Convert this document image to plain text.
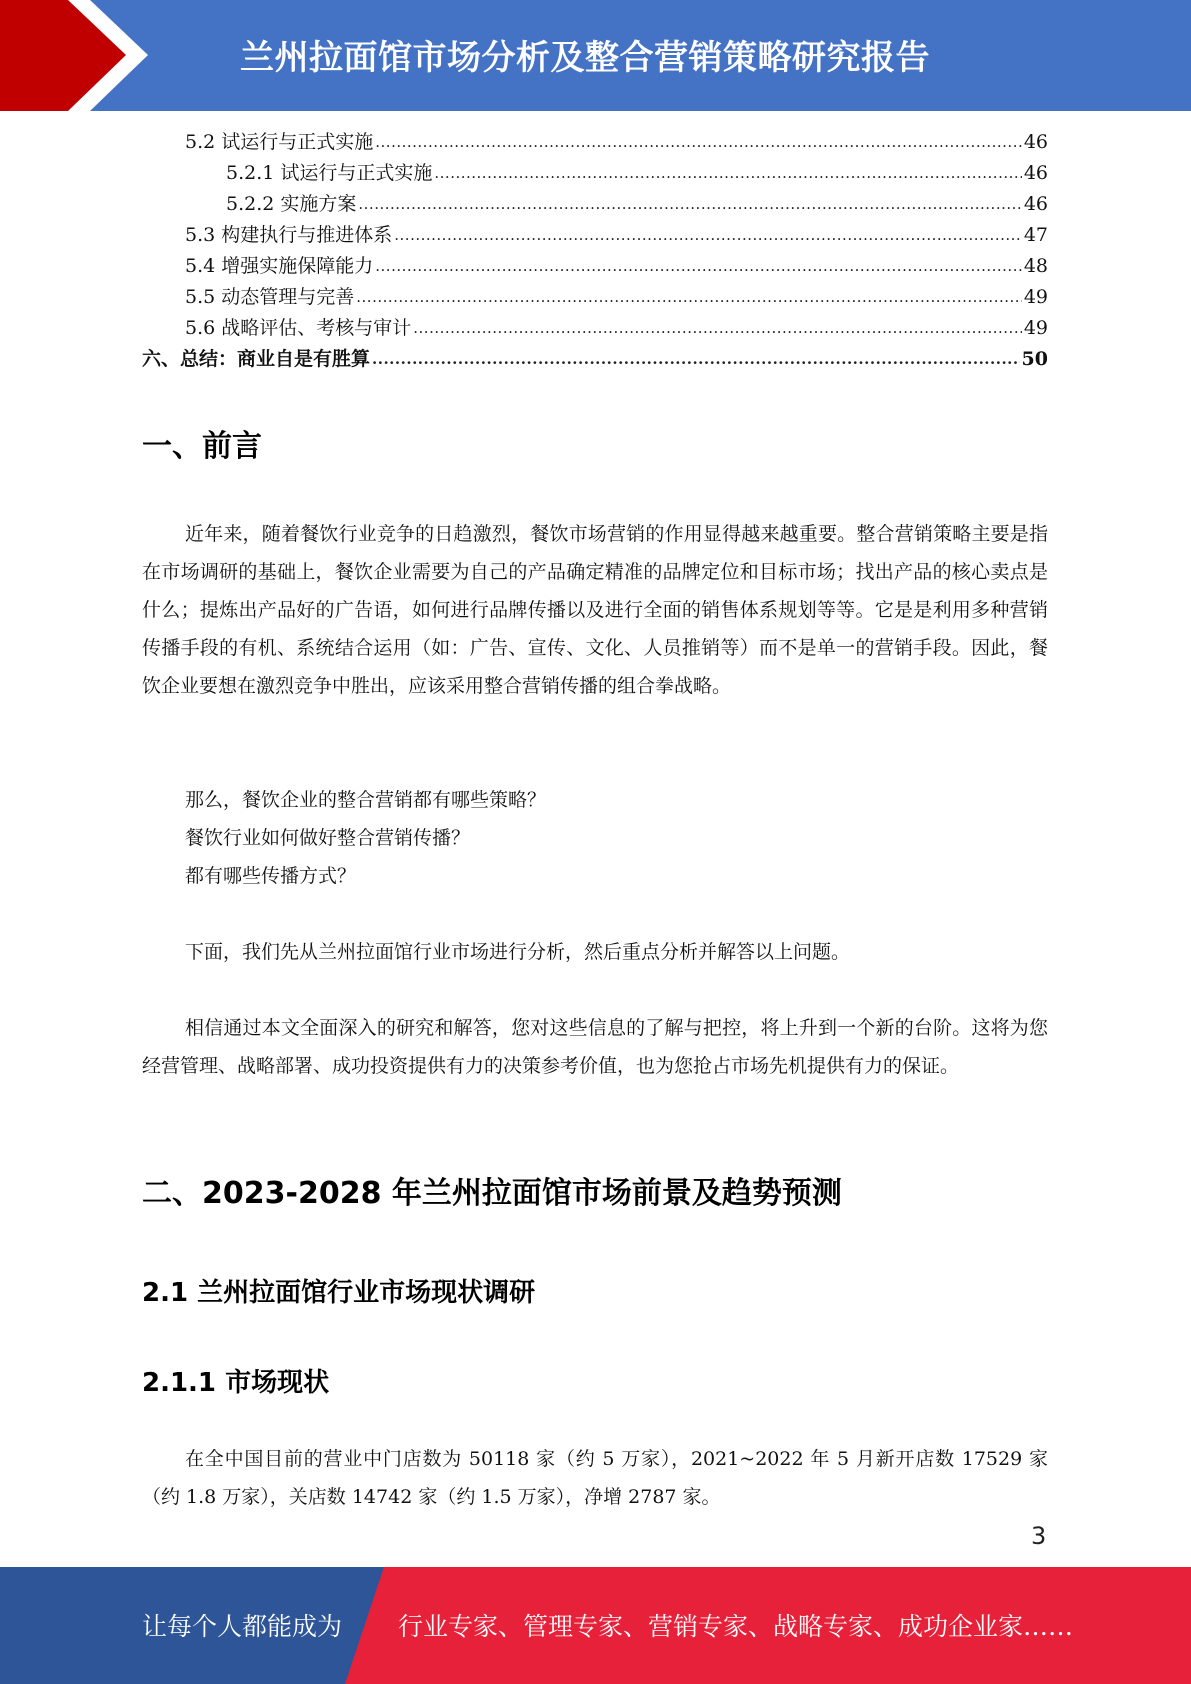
兰州拉面馆市场分析及整合营销策略研究报告
5.2 试运行与正式实施 .....	46
5.2.1 试运行与正式实施 .....	46
5.2.2 实施方案 .....	46
5.3 构建执行与推进体系 .....	47
5.4 增强实施保障能力 .....	48
5.5 动态管理与完善 .....	49
5.6 战略评估、考核与审计 .....	49
六、总结：商业自是有胜算 .....	50
一、前言
近年来，随着餐饮行业竞争的日趋激烈，餐饮市场营销的作用显得越来越重要。整合营销策略主要是指在市场调研的基础上，餐饮企业需要为自己的产品确定精准的品牌定位和目标市场；找出产品的核心卖点是什么；提炼出产品好的广告语，如何进行品牌传播以及进行全面的销售体系规划等等。它是是利用多种营销传播手段的有机、系统结合运用（如：广告、宣传、文化、人员推销等）而不是单一的营销手段。因此，餐饮企业要想在激烈竞争中胜出，应该采用整合营销传播的组合拳战略。
那么，餐饮企业的整合营销都有哪些策略？
餐饮行业如何做好整合营销传播？
都有哪些传播方式？
下面，我们先从兰州拉面馆行业市场进行分析，然后重点分析并解答以上问题。
相信通过本文全面深入的研究和解答，您对这些信息的了解与把控，将上升到一个新的台阶。这将为您经营管理、战略部署、成功投资提供有力的决策参考价值，也为您抢占市场先机提供有力的保证。
二、2023-2028 年兰州拉面馆市场前景及趋势预测
2.1 兰州拉面馆行业市场现状调研
2.1.1 市场现状
在全中国目前的营业中门店数为 50118 家（约 5 万家），2021~2022 年 5 月新开店数 17529 家（约 1.8 万家），关店数 14742 家（约 1.5 万家），净增 2787 家。
3
让每个人都能成为 行业专家、管理专家、营销专家、战略专家、成功企业家……
